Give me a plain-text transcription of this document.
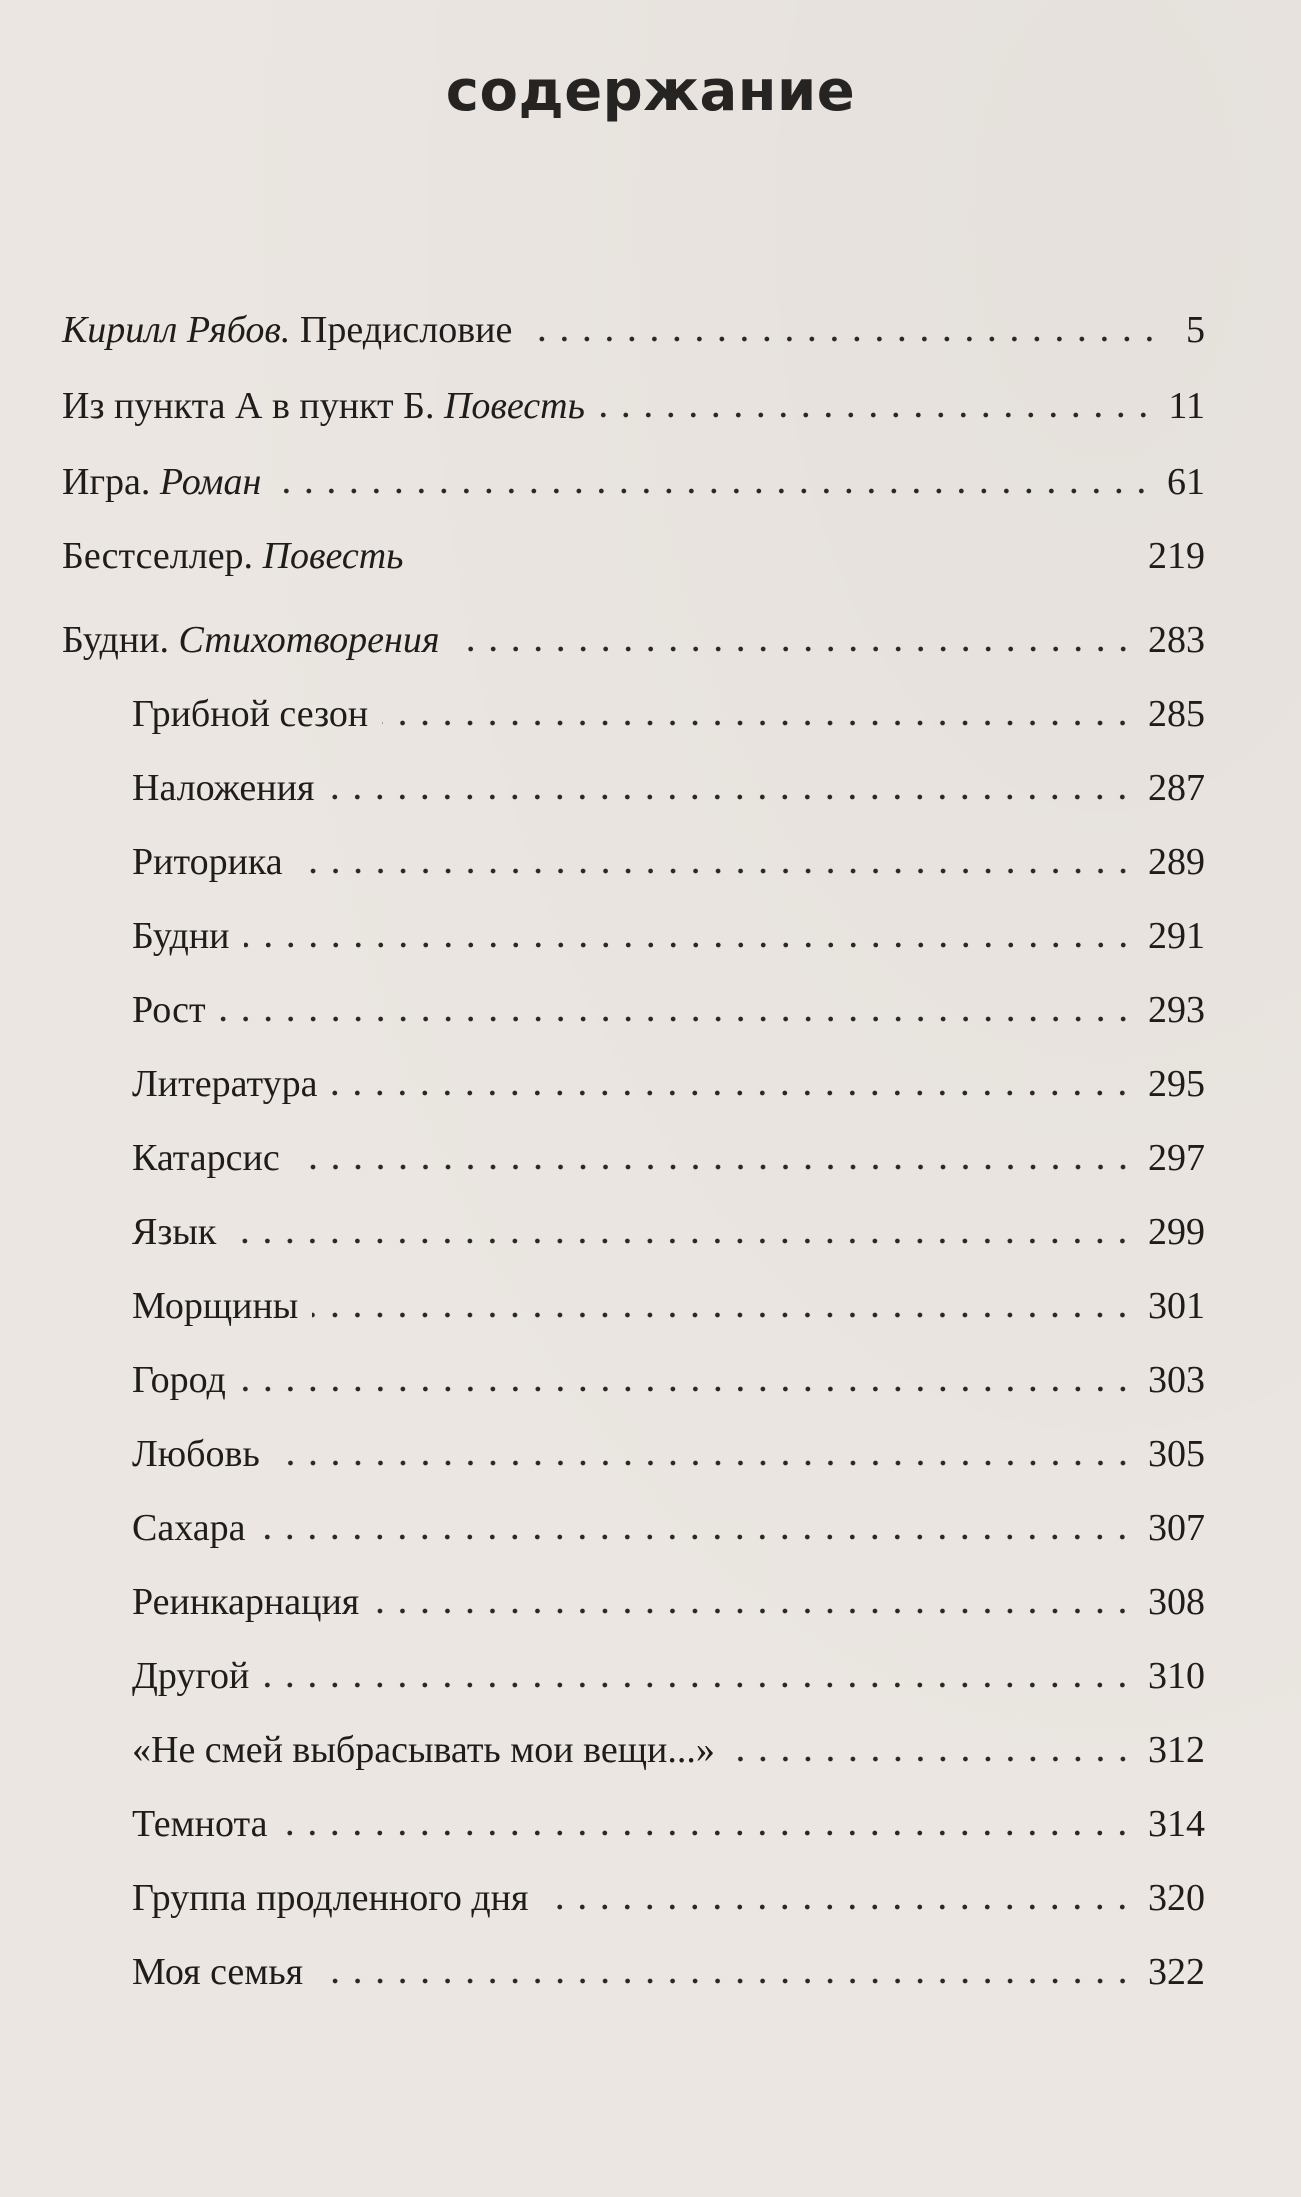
содержание
Кирилл Рябов. Предисловие	5
Из пункта А в пункт Б. Повесть	11
Игра. Роман	61
Бестселлер. Повесть	219
Будни. Стихотворения	283
Грибной сезон	285
Наложения	287
Риторика	289
Будни	291
Рост	293
Литература	295
Катарсис	297
Язык	299
Морщины	301
Город	303
Любовь	305
Сахара	307
Реинкарнация	308
Другой	310
«Не смей выбрасывать мои вещи...»	312
Темнота	314
Группа продленного дня	320
Моя семья	322
